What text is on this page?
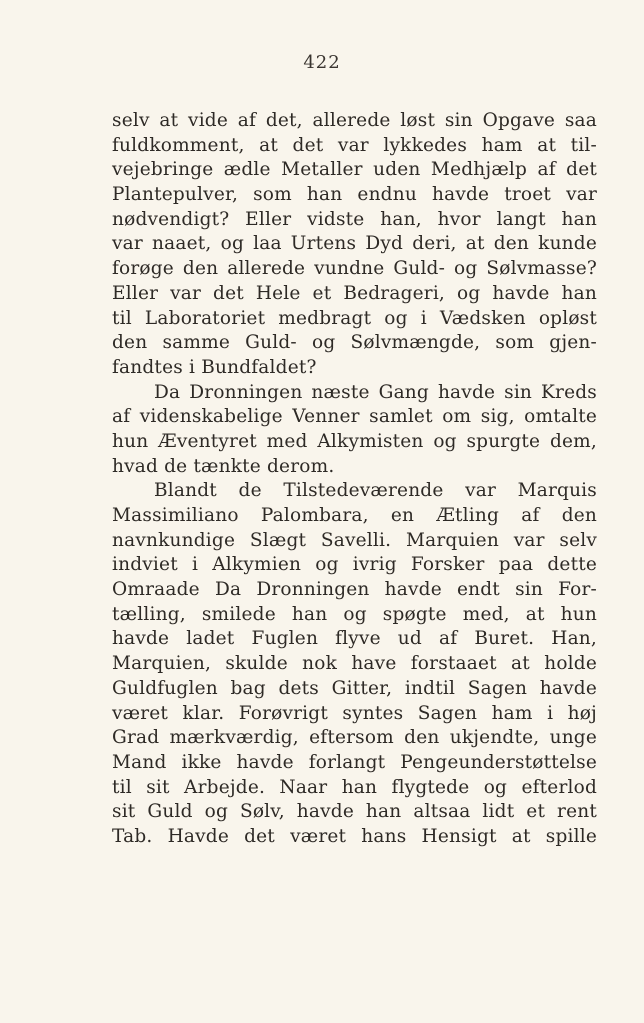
422
selv at vide af det, allerede løst sin Opgave saa
fuldkomment, at det var lykkedes ham at til-
vejebringe ædle Metaller uden Medhjælp af det
Plantepulver, som han endnu havde troet var
nødvendigt? Eller vidste han, hvor langt han
var naaet, og laa Urtens Dyd deri, at den kunde
forøge den allerede vundne Guld- og Sølvmasse?
Eller var det Hele et Bedrageri, og havde han
til Laboratoriet medbragt og i Vædsken opløst
den samme Guld- og Sølvmængde, som gjen-
fandtes i Bundfaldet?
Da Dronningen næste Gang havde sin Kreds
af videnskabelige Venner samlet om sig, omtalte
hun Æventyret med Alkymisten og spurgte dem,
hvad de tænkte derom.
Blandt de Tilstedeværende var Marquis
Massimiliano Palombara, en Ætling af den
navnkundige Slægt Savelli. Marquien var selv
indviet i Alkymien og ivrig Forsker paa dette
Omraade Da Dronningen havde endt sin For-
tælling, smilede han og spøgte med, at hun
havde ladet Fuglen flyve ud af Buret. Han,
Marquien, skulde nok have forstaaet at holde
Guldfuglen bag dets Gitter, indtil Sagen havde
været klar. Forøvrigt syntes Sagen ham i høj
Grad mærkværdig, eftersom den ukjendte, unge
Mand ikke havde forlangt Pengeunderstøttelse
til sit Arbejde. Naar han flygtede og efterlod
sit Guld og Sølv, havde han altsaa lidt et rent
Tab. Havde det været hans Hensigt at spille
